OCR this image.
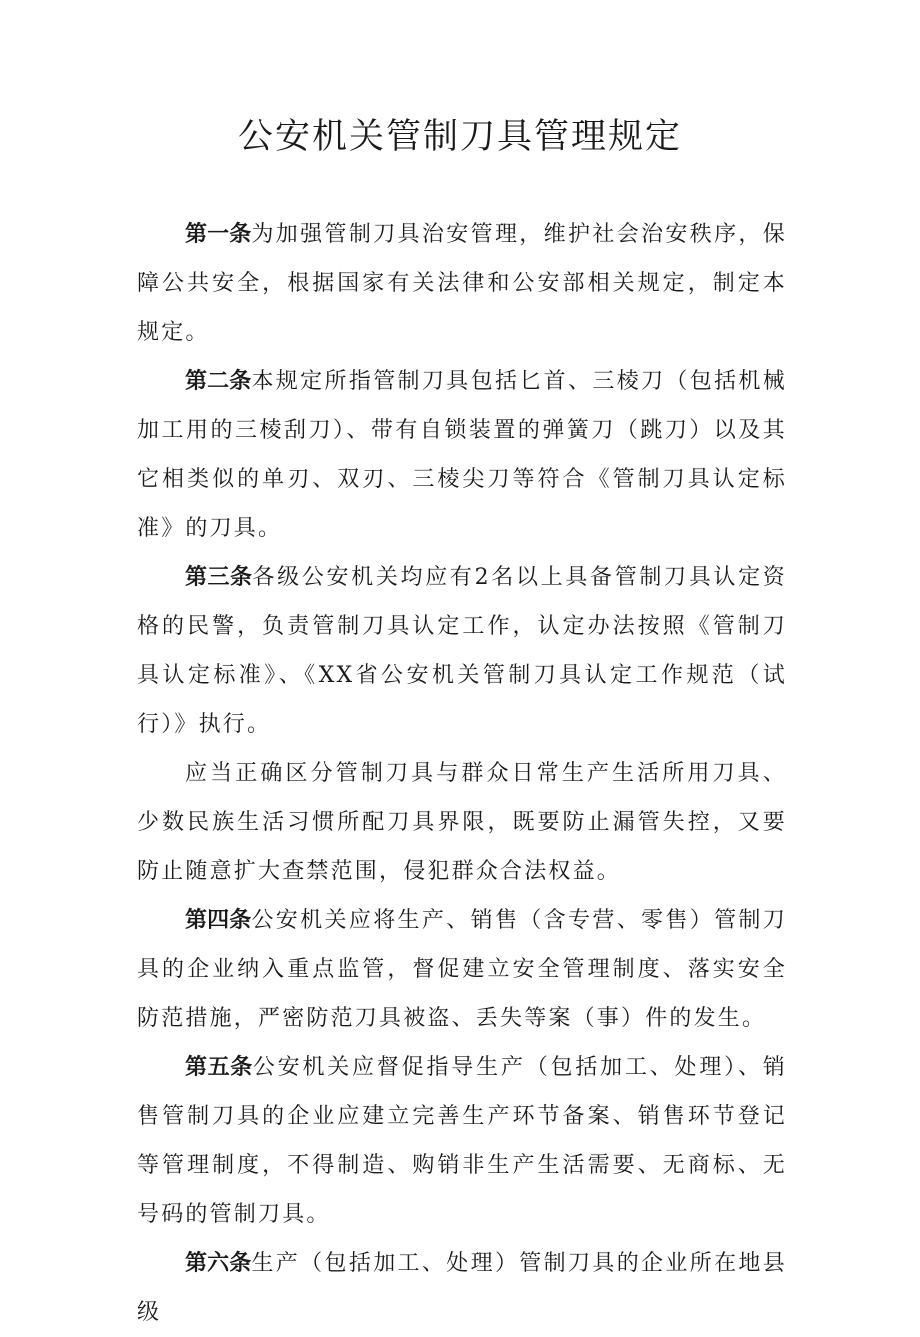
公安机关管制刀具管理规定

第一条为加强管制刀具治安管理，维护社会治安秩序，保障公共安全，根据国家有关法律和公安部相关规定，制定本规定。

第二条本规定所指管制刀具包括匕首、三棱刀（包括机械加工用的三棱刮刀）、带有自锁装置的弹簧刀（跳刀）以及其它相类似的单刃、双刃、三棱尖刀等符合《管制刀具认定标准》的刀具。

第三条各级公安机关均应有2名以上具备管制刀具认定资格的民警，负责管制刀具认定工作，认定办法按照《管制刀具认定标准》、《XX省公安机关管制刀具认定工作规范（试行）》执行。

应当正确区分管制刀具与群众日常生产生活所用刀具、少数民族生活习惯所配刀具界限，既要防止漏管失控，又要防止随意扩大查禁范围，侵犯群众合法权益。

第四条公安机关应将生产、销售（含专营、零售）管制刀具的企业纳入重点监管，督促建立安全管理制度、落实安全防范措施，严密防范刀具被盗、丢失等案（事）件的发生。

第五条公安机关应督促指导生产（包括加工、处理）、销售管制刀具的企业应建立完善生产环节备案、销售环节登记等管理制度，不得制造、购销非生产生活需要、无商标、无号码的管制刀具。

第六条生产（包括加工、处理）管制刀具的企业所在地县级
